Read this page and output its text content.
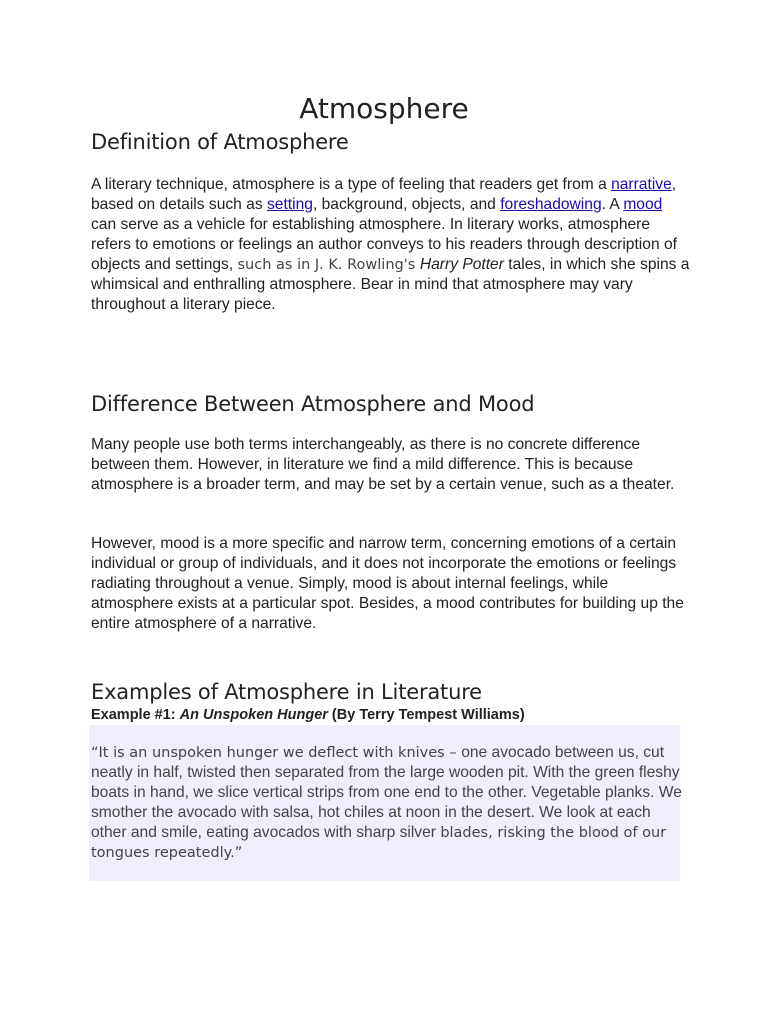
Atmosphere
Definition of Atmosphere

A literary technique, atmosphere is a type of feeling that readers get from a narrative, based on details such as setting, background, objects, and foreshadowing. A mood can serve as a vehicle for establishing atmosphere. In literary works, atmosphere refers to emotions or feelings an author conveys to his readers through description of objects and settings, such as in J. K. Rowling's Harry Potter tales, in which she spins a whimsical and enthralling atmosphere. Bear in mind that atmosphere may vary throughout a literary piece.

Difference Between Atmosphere and Mood

Many people use both terms interchangeably, as there is no concrete difference between them. However, in literature we find a mild difference. This is because atmosphere is a broader term, and may be set by a certain venue, such as a theater.

However, mood is a more specific and narrow term, concerning emotions of a certain individual or group of individuals, and it does not incorporate the emotions or feelings radiating throughout a venue. Simply, mood is about internal feelings, while atmosphere exists at a particular spot. Besides, a mood contributes for building up the entire atmosphere of a narrative.

Examples of Atmosphere in Literature
Example #1: An Unspoken Hunger (By Terry Tempest Williams)

“It is an unspoken hunger we deflect with knives – one avocado between us, cut neatly in half, twisted then separated from the large wooden pit. With the green fleshy boats in hand, we slice vertical strips from one end to the other. Vegetable planks. We smother the avocado with salsa, hot chiles at noon in the desert. We look at each other and smile, eating avocados with sharp silver blades, risking the blood of our tongues repeatedly.”
